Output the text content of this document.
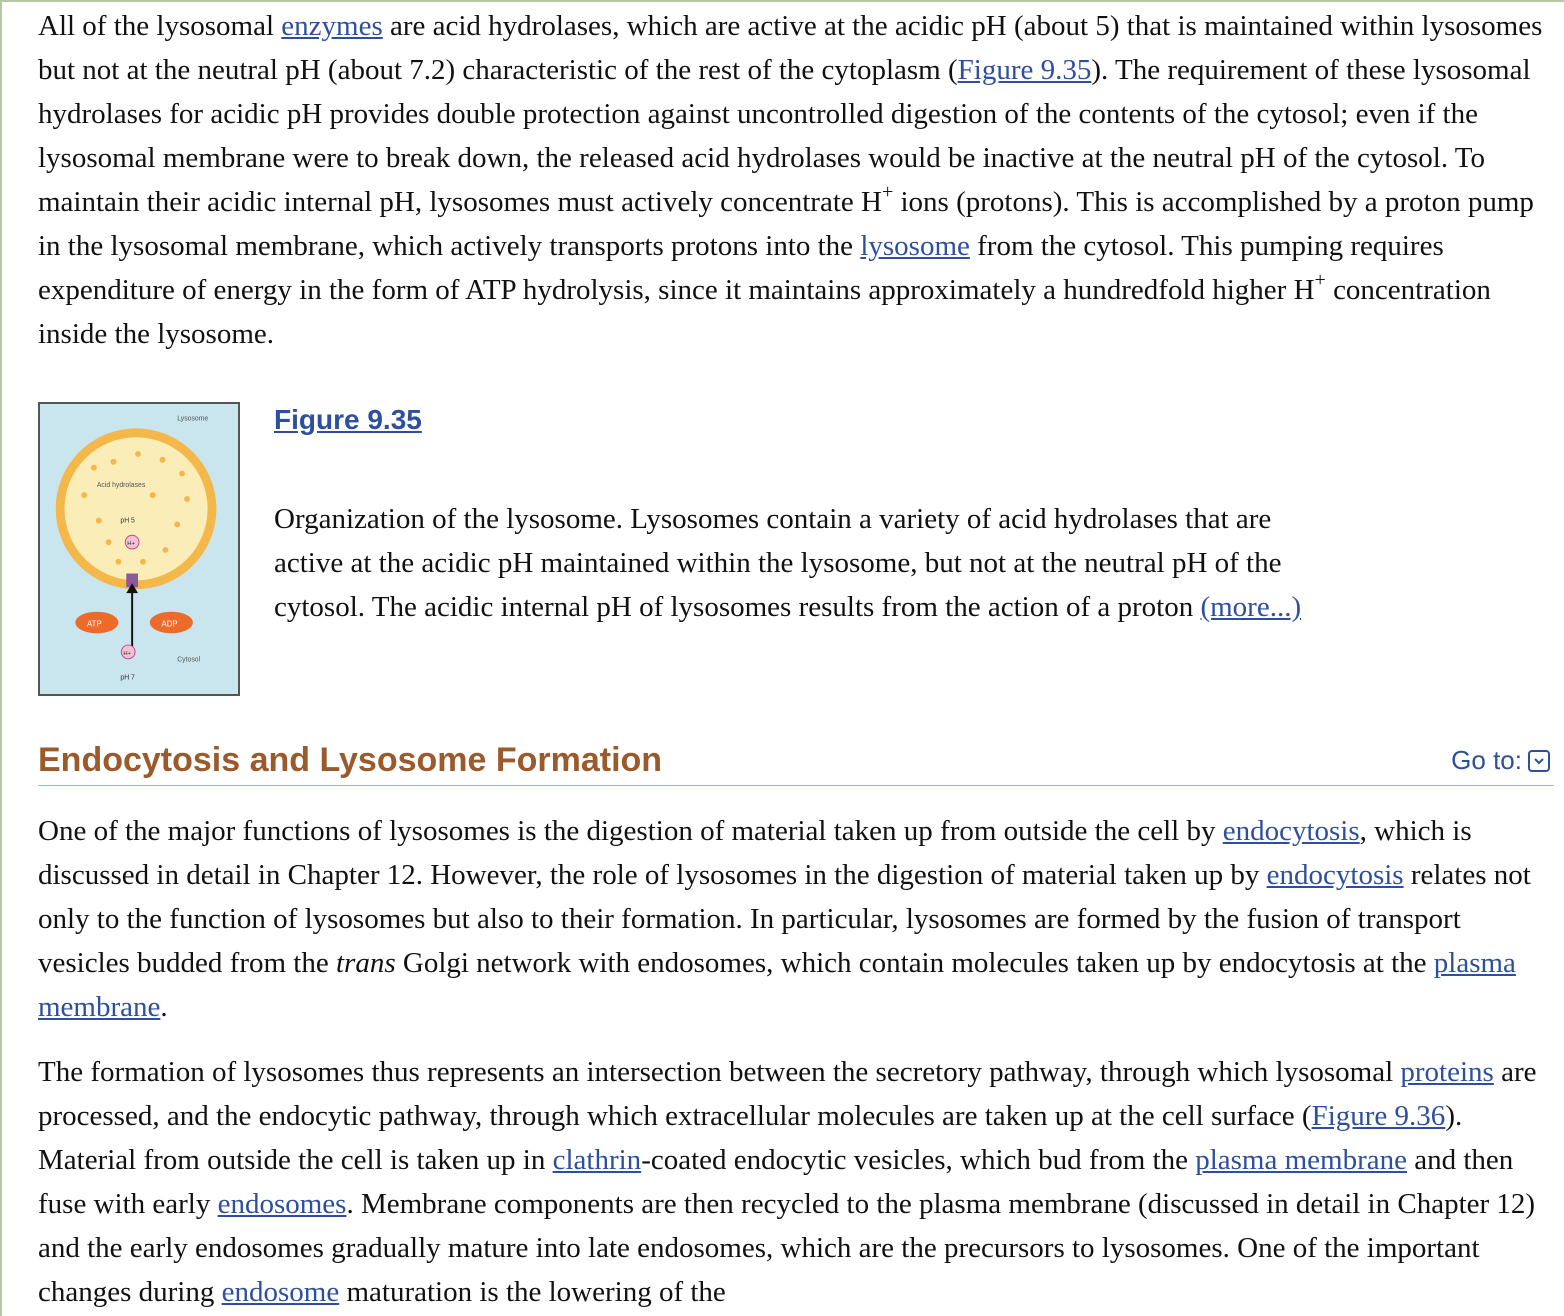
All of the lysosomal enzymes are acid hydrolases, which are active at the acidic pH (about 5) that is maintained within lysosomes but not at the neutral pH (about 7.2) characteristic of the rest of the cytoplasm (Figure 9.35). The requirement of these lysosomal hydrolases for acidic pH provides double protection against uncontrolled digestion of the contents of the cytosol; even if the lysosomal membrane were to break down, the released acid hydrolases would be inactive at the neutral pH of the cytosol. To maintain their acidic internal pH, lysosomes must actively concentrate H+ ions (protons). This is accomplished by a proton pump in the lysosomal membrane, which actively transports protons into the lysosome from the cytosol. This pumping requires expenditure of energy in the form of ATP hydrolysis, since it maintains approximately a hundredfold higher H+ concentration inside the lysosome.

Lysosome
Acid hydrolases
pH 5
H+
ATP	ADP
H+
Cytosol
pH 7
Figure 9.35

Organization of the lysosome. Lysosomes contain a variety of acid hydrolases that are active at the acidic pH maintained within the lysosome, but not at the neutral pH of the cytosol. The acidic internal pH of lysosomes results from the action of a proton (more...)

Endocytosis and Lysosome Formation	Go to:

One of the major functions of lysosomes is the digestion of material taken up from outside the cell by endocytosis, which is discussed in detail in Chapter 12. However, the role of lysosomes in the digestion of material taken up by endocytosis relates not only to the function of lysosomes but also to their formation. In particular, lysosomes are formed by the fusion of transport vesicles budded from the trans Golgi network with endosomes, which contain molecules taken up by endocytosis at the plasma membrane.

The formation of lysosomes thus represents an intersection between the secretory pathway, through which lysosomal proteins are processed, and the endocytic pathway, through which extracellular molecules are taken up at the cell surface (Figure 9.36). Material from outside the cell is taken up in clathrin-coated endocytic vesicles, which bud from the plasma membrane and then fuse with early endosomes. Membrane components are then recycled to the plasma membrane (discussed in detail in Chapter 12) and the early endosomes gradually mature into late endosomes, which are the precursors to lysosomes. One of the important changes during endosome maturation is the lowering of the
